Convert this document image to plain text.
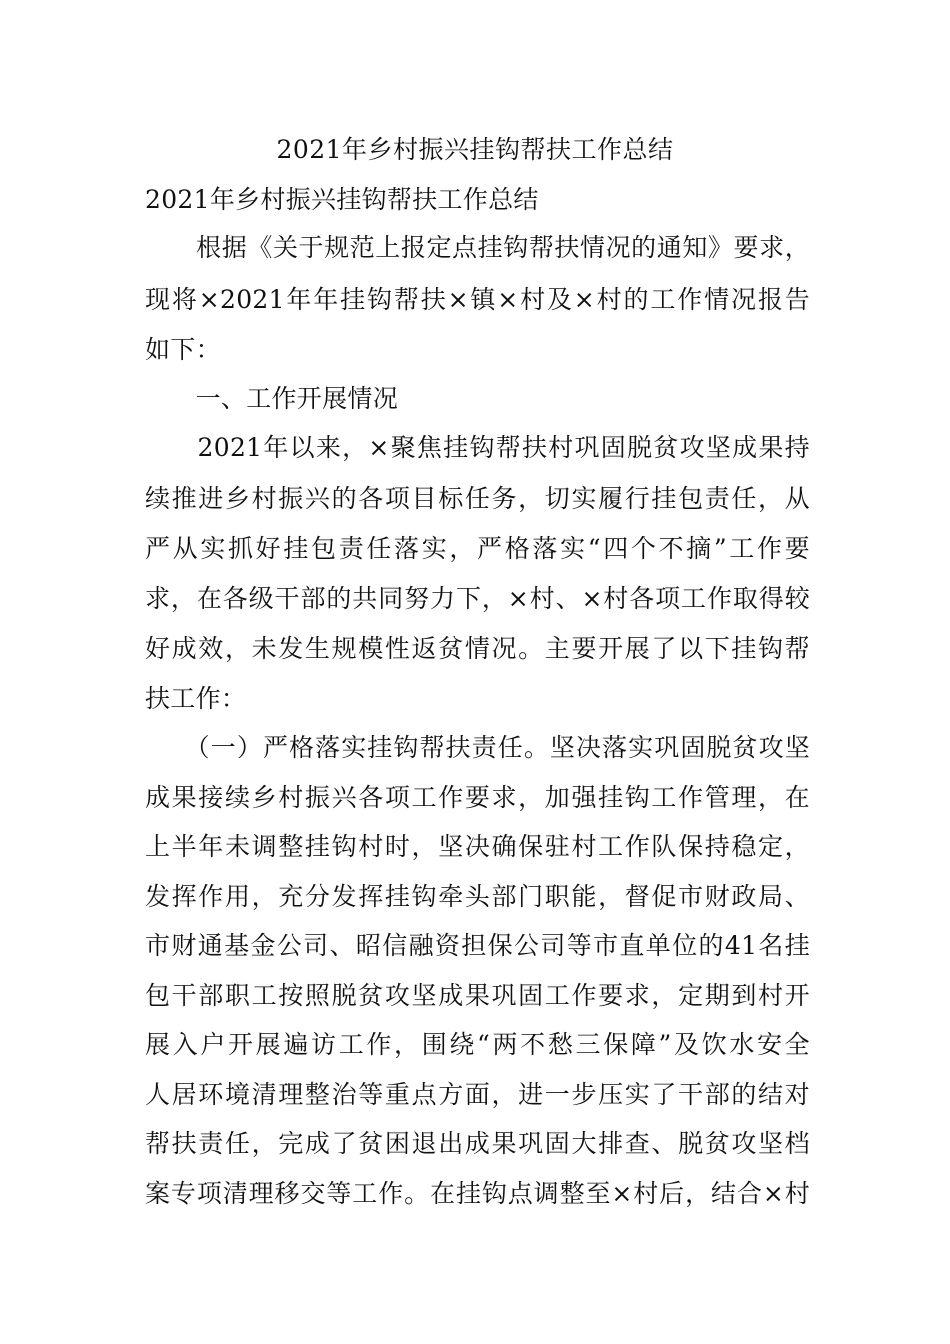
2021年乡村振兴挂钩帮扶工作总结
2021年乡村振兴挂钩帮扶工作总结
　　根据《关于规范上报定点挂钩帮扶情况的通知》要求，
现将×2021年年挂钩帮扶×镇×村及×村的工作情况报告
如下：
　　一、工作开展情况
　　2021年以来，×聚焦挂钩帮扶村巩固脱贫攻坚成果持
续推进乡村振兴的各项目标任务，切实履行挂包责任，从
严从实抓好挂包责任落实，严格落实“四个不摘”工作要
求，在各级干部的共同努力下，×村、×村各项工作取得较
好成效，未发生规模性返贫情况。主要开展了以下挂钩帮
扶工作：
　　（一）严格落实挂钩帮扶责任。坚决落实巩固脱贫攻坚
成果接续乡村振兴各项工作要求，加强挂钩工作管理，在
上半年未调整挂钩村时，坚决确保驻村工作队保持稳定，
发挥作用，充分发挥挂钩牵头部门职能，督促市财政局、
市财通基金公司、昭信融资担保公司等市直单位的41名挂
包干部职工按照脱贫攻坚成果巩固工作要求，定期到村开
展入户开展遍访工作，围绕“两不愁三保障”及饮水安全
人居环境清理整治等重点方面，进一步压实了干部的结对
帮扶责任，完成了贫困退出成果巩固大排查、脱贫攻坚档
案专项清理移交等工作。在挂钩点调整至×村后，结合×村
